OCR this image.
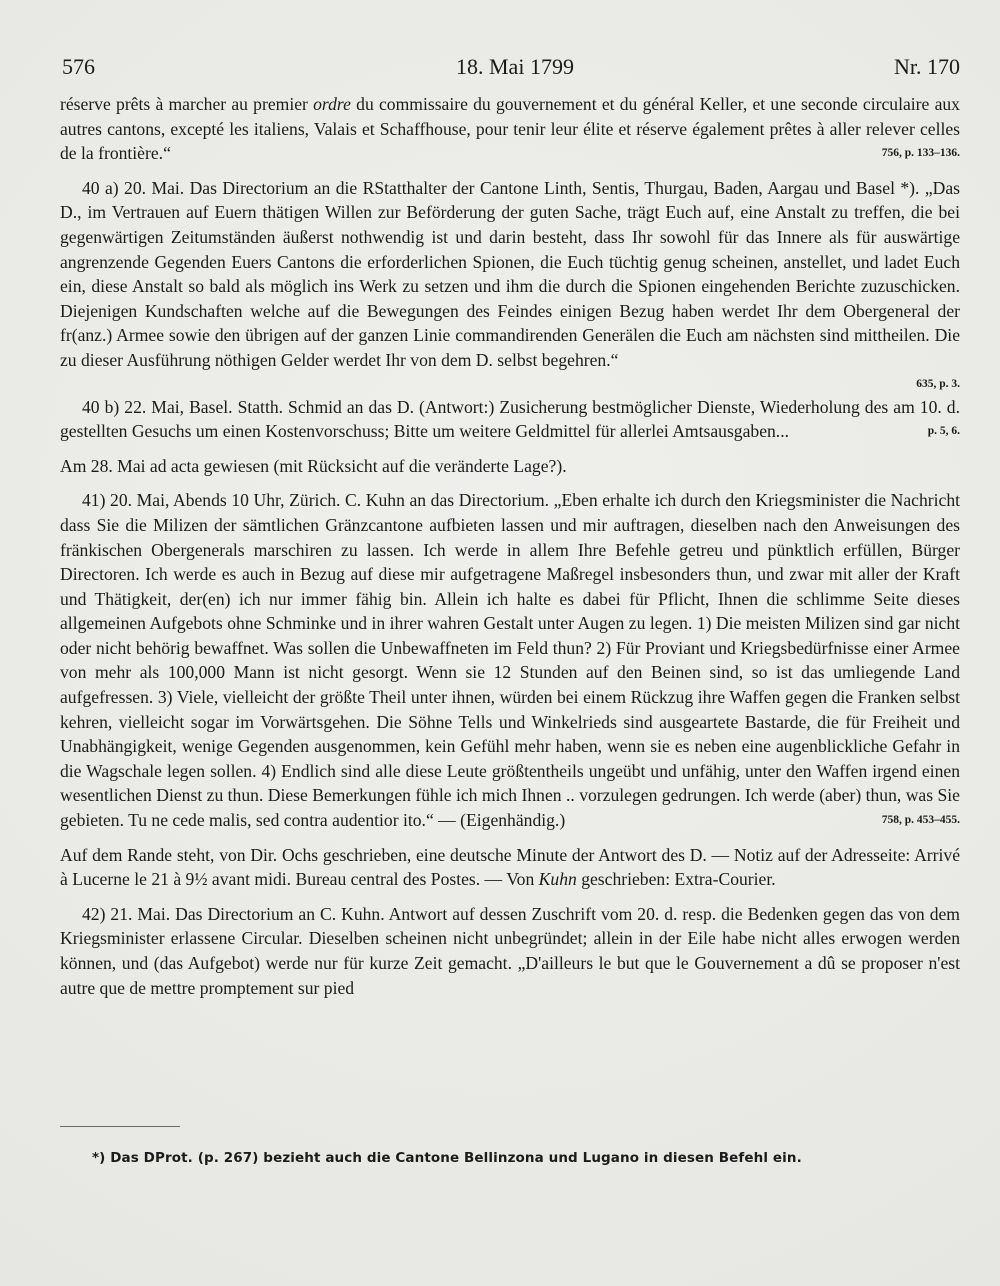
576	18. Mai 1799	Nr. 170

réserve prêts à marcher au premier ordre du commissaire du gouvernement et du général Keller, et une seconde circulaire aux autres cantons, excepté les italiens, Valais et Schaffhouse, pour tenir leur élite et réserve également prêtes à aller relever celles de la frontière.“	756, p. 133–136.

40 a) 20. Mai. Das Directorium an die RStatthalter der Cantone Linth, Sentis, Thurgau, Baden, Aargau und Basel *). „Das D., im Vertrauen auf Euern thätigen Willen zur Beförderung der guten Sache, trägt Euch auf, eine Anstalt zu treffen, die bei gegenwärtigen Zeitumständen äußerst nothwendig ist und darin besteht, dass Ihr sowohl für das Innere als für auswärtige angrenzende Gegenden Euers Cantons die erforderlichen Spionen, die Euch tüchtig genug scheinen, anstellet, und ladet Euch ein, diese Anstalt so bald als möglich ins Werk zu setzen und ihm die durch die Spionen eingehenden Berichte zuzuschicken. Diejenigen Kundschaften welche auf die Bewegungen des Feindes einigen Bezug haben werdet Ihr dem Obergeneral der fr(anz.) Armee sowie den übrigen auf der ganzen Linie commandirenden Generälen die Euch am nächsten sind mittheilen. Die zu dieser Ausführung nöthigen Gelder werdet Ihr von dem D. selbst begehren.“

635, p. 3.

40 b) 22. Mai, Basel. Statth. Schmid an das D. (Antwort:) Zusicherung bestmöglicher Dienste, Wiederholung des am 10. d. gestellten Gesuchs um einen Kostenvorschuss; Bitte um weitere Geldmittel für allerlei Amtsausgaben...	p. 5, 6.

Am 28. Mai ad acta gewiesen (mit Rücksicht auf die veränderte Lage?).

41) 20. Mai, Abends 10 Uhr, Zürich. C. Kuhn an das Directorium. „Eben erhalte ich durch den Kriegsminister die Nachricht dass Sie die Milizen der sämtlichen Gränzcantone aufbieten lassen und mir auftragen, dieselben nach den Anweisungen des fränkischen Obergenerals marschiren zu lassen. Ich werde in allem Ihre Befehle getreu und pünktlich erfüllen, Bürger Directoren. Ich werde es auch in Bezug auf diese mir aufgetragene Maßregel insbesonders thun, und zwar mit aller der Kraft und Thätigkeit, der(en) ich nur immer fähig bin. Allein ich halte es dabei für Pflicht, Ihnen die schlimme Seite dieses allgemeinen Aufgebots ohne Schminke und in ihrer wahren Gestalt unter Augen zu legen. 1) Die meisten Milizen sind gar nicht oder nicht behörig bewaffnet. Was sollen die Unbewaffneten im Feld thun? 2) Für Proviant und Kriegsbedürfnisse einer Armee von mehr als 100,000 Mann ist nicht gesorgt. Wenn sie 12 Stunden auf den Beinen sind, so ist das umliegende Land aufgefressen. 3) Viele, vielleicht der größte Theil unter ihnen, würden bei einem Rückzug ihre Waffen gegen die Franken selbst kehren, vielleicht sogar im Vorwärtsgehen. Die Söhne Tells und Winkelrieds sind ausgeartete Bastarde, die für Freiheit und Unabhängigkeit, wenige Gegenden ausgenommen, kein Gefühl mehr haben, wenn sie es neben eine augenblickliche Gefahr in die Wagschale legen sollen. 4) Endlich sind alle diese Leute größtentheils ungeübt und unfähig, unter den Waffen irgend einen wesentlichen Dienst zu thun. Diese Bemerkungen fühle ich mich Ihnen .. vorzulegen gedrungen. Ich werde (aber) thun, was Sie gebieten. Tu ne cede malis, sed contra audentior ito.“ — (Eigenhändig.)	758, p. 453–455.

Auf dem Rande steht, von Dir. Ochs geschrieben, eine deutsche Minute der Antwort des D. — Notiz auf der Adresseite: Arrivé à Lucerne le 21 à 9½ avant midi. Bureau central des Postes. — Von Kuhn geschrieben: Extra-Courier.

42) 21. Mai. Das Directorium an C. Kuhn. Antwort auf dessen Zuschrift vom 20. d. resp. die Bedenken gegen das von dem Kriegsminister erlassene Circular. Dieselben scheinen nicht unbegründet; allein in der Eile habe nicht alles erwogen werden können, und (das Aufgebot) werde nur für kurze Zeit gemacht. „D'ailleurs le but que le Gouvernement a dû se proposer n'est autre que de mettre promptement sur pied

*) Das DProt. (p. 267) bezieht auch die Cantone Bellinzona und Lugano in diesen Befehl ein.
